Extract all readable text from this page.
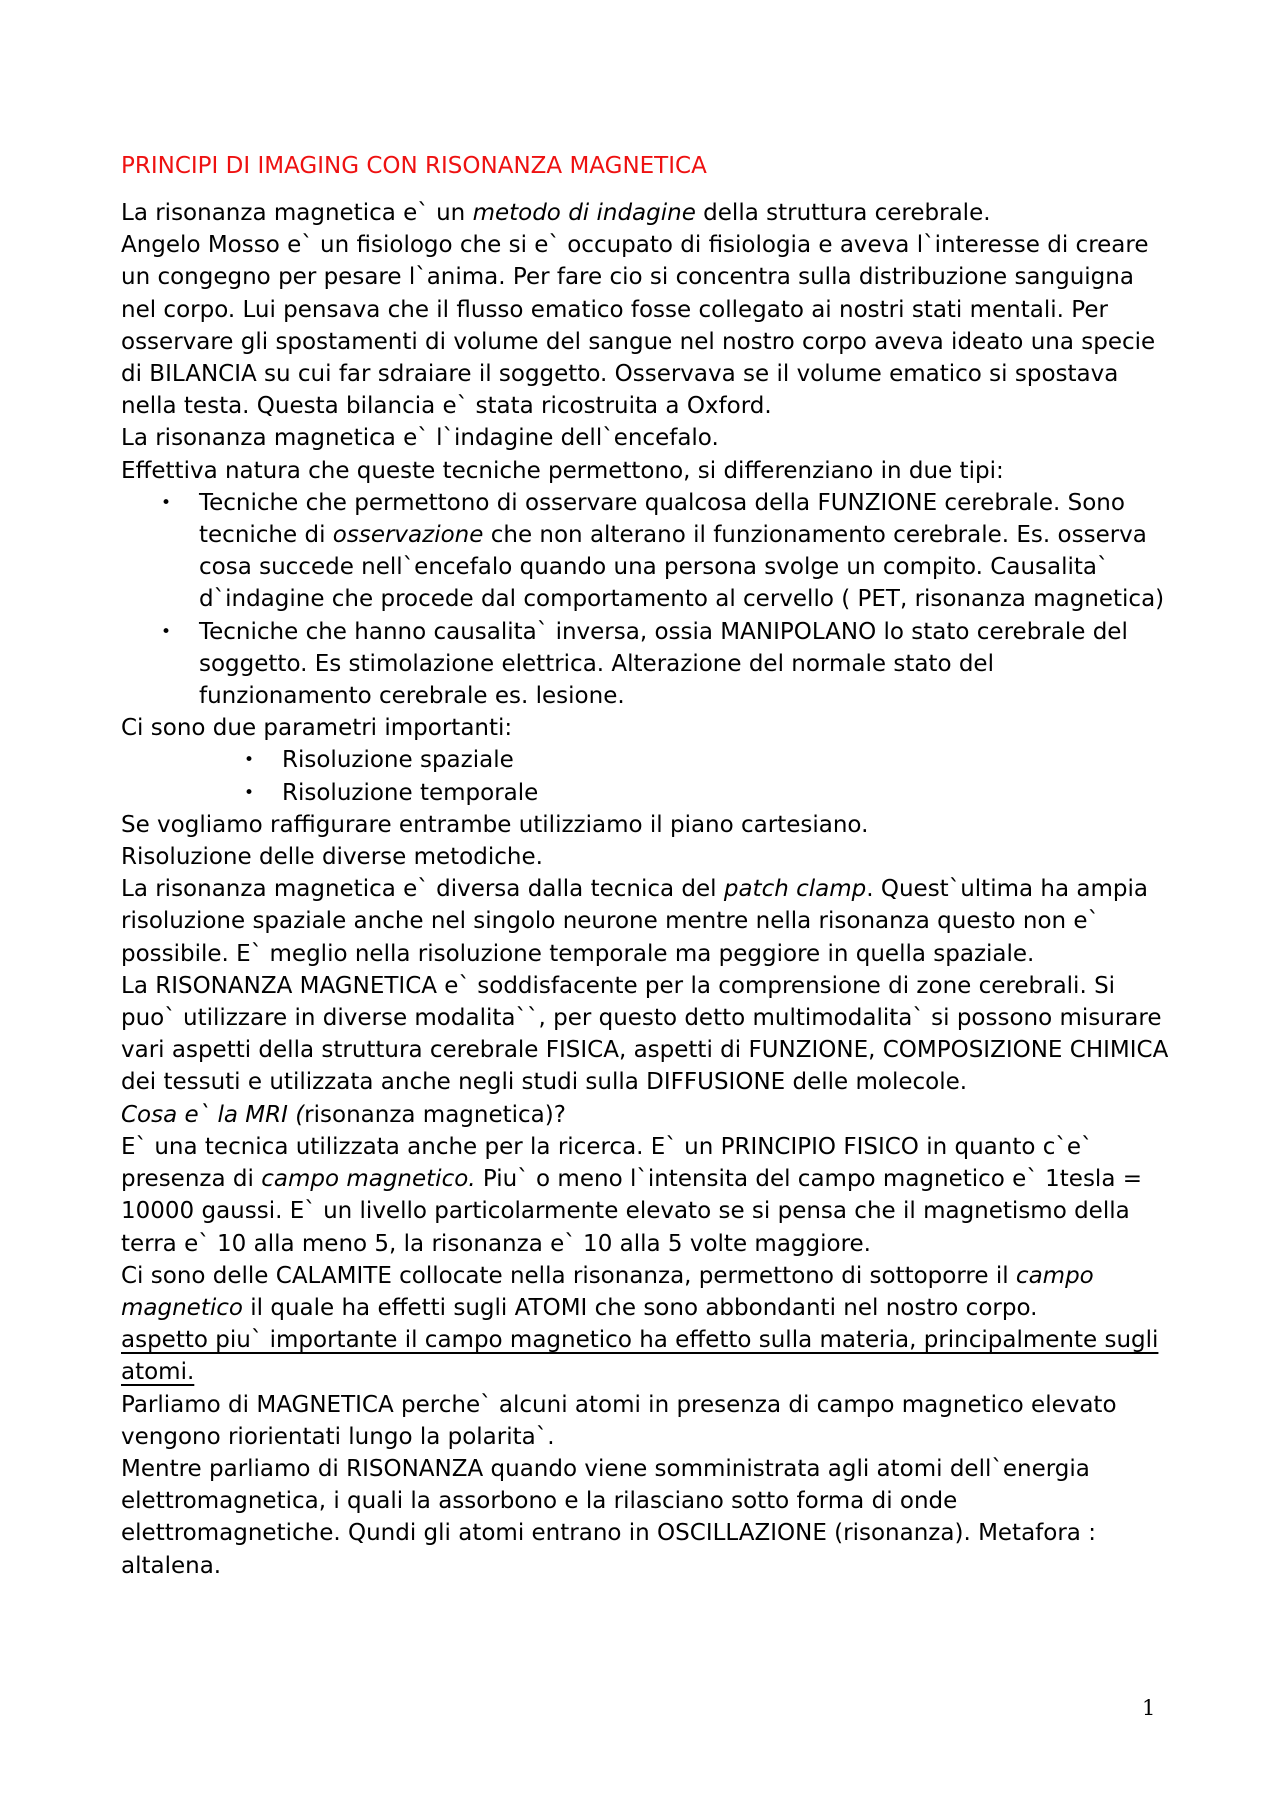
PRINCIPI DI IMAGING CON RISONANZA MAGNETICA

La risonanza magnetica e` un metodo di indagine della struttura cerebrale.

Angelo Mosso e` un fisiologo che si e` occupato di fisiologia e aveva l`interesse di creare un congegno per pesare l`anima. Per fare cio si concentra sulla distribuzione sanguigna nel corpo. Lui pensava che il flusso ematico fosse collegato ai nostri stati mentali. Per osservare gli spostamenti di volume del sangue nel nostro corpo aveva ideato una specie di BILANCIA su cui far sdraiare il soggetto. Osservava se il volume ematico si spostava nella testa. Questa bilancia e` stata ricostruita a Oxford.

La risonanza magnetica e` l`indagine dell`encefalo.

Effettiva natura che queste tecniche permettono, si differenziano in due tipi:

• Tecniche che permettono di osservare qualcosa della FUNZIONE cerebrale. Sono tecniche di osservazione che non alterano il funzionamento cerebrale. Es. osserva cosa succede nell`encefalo quando una persona svolge un compito. Causalita` d`indagine che procede dal comportamento al cervello ( PET, risonanza magnetica)
• Tecniche che hanno causalita` inversa, ossia MANIPOLANO lo stato cerebrale del soggetto. Es stimolazione elettrica. Alterazione del normale stato del funzionamento cerebrale es. lesione.

Ci sono due parametri importanti:

• Risoluzione spaziale
• Risoluzione temporale

Se vogliamo raffigurare entrambe utilizziamo il piano cartesiano.

Risoluzione delle diverse metodiche.

La risonanza magnetica e` diversa dalla tecnica del patch clamp. Quest`ultima ha ampia risoluzione spaziale anche nel singolo neurone mentre nella risonanza questo non e` possibile. E` meglio nella risoluzione temporale ma peggiore in quella spaziale.

La RISONANZA MAGNETICA e` soddisfacente per la comprensione di zone cerebrali. Si puo` utilizzare in diverse modalita``, per questo detto multimodalita` si possono misurare vari aspetti della struttura cerebrale FISICA, aspetti di FUNZIONE, COMPOSIZIONE CHIMICA dei tessuti e utilizzata anche negli studi sulla DIFFUSIONE delle molecole.

Cosa e` la MRI (risonanza magnetica)?

E` una tecnica utilizzata anche per la ricerca. E` un PRINCIPIO FISICO in quanto c`e` presenza di campo magnetico. Piu` o meno l`intensita del campo magnetico e` 1tesla = 10000 gaussi. E` un livello particolarmente elevato se si pensa che il magnetismo della terra e` 10 alla meno 5, la risonanza e` 10 alla 5 volte maggiore.

Ci sono delle CALAMITE collocate nella risonanza, permettono di sottoporre il campo magnetico il quale ha effetti sugli ATOMI che sono abbondanti nel nostro corpo.

aspetto piu` importante il campo magnetico ha effetto sulla materia, principalmente sugli atomi.

Parliamo di MAGNETICA perche` alcuni atomi in presenza di campo magnetico elevato vengono riorientati lungo la polarita`.

Mentre parliamo di RISONANZA quando viene somministrata agli atomi dell`energia elettromagnetica, i quali la assorbono e la rilasciano sotto forma di onde elettromagnetiche. Qundi gli atomi entrano in OSCILLAZIONE (risonanza). Metafora : altalena.

1
